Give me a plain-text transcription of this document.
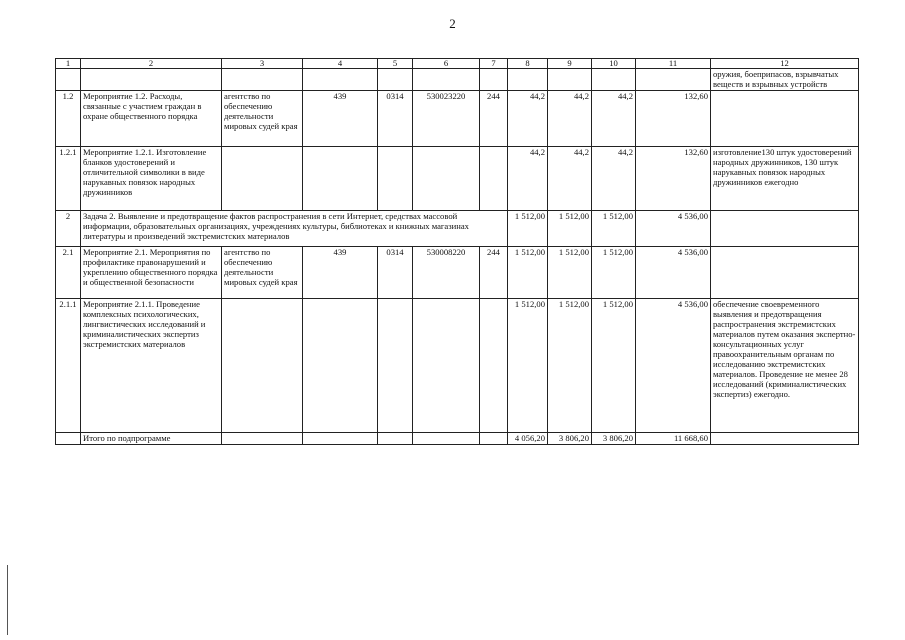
2
1	2	3	4	5	6	7	8	9	10	11	12
											оружия, боеприпасов, взрывчатых веществ и взрывных устройств
1.2	Мероприятие 1.2. Расходы, связанные с участием граждан в охране общественного порядка	агентство по обеспечению деятельности мировых судей края	439	0314	530023220	244	44,2	44,2	44,2	132,60	
1.2.1	Мероприятие 1.2.1. Изготовление бланков удостоверений и отличительной символики в виде нарукавных повязок народных дружинников						44,2	44,2	44,2	132,60	изготовление130 штук удостоверений народных дружинников, 130 штук нарукавных повязок народных дружинников ежегодно
2	Задача 2. Выявление и предотвращение фактов распространения в сети Интернет, средствах массовой информации, образовательных организациях, учреждениях культуры, библиотеках и книжных магазинах литературы и произведений экстремистских материалов						1 512,00	1 512,00	1 512,00	4 536,00	
2.1	Мероприятие 2.1. Мероприятия по профилактике правонарушений и укреплению общественного порядка и общественной безопасности	агентство по обеспечению деятельности мировых судей края	439	0314	530008220	244	1 512,00	1 512,00	1 512,00	4 536,00	
2.1.1	Мероприятие 2.1.1. Проведение комплексных психологических, лингвистических исследований и криминалистических экспертиз экстремистских материалов						1 512,00	1 512,00	1 512,00	4 536,00	обеспечение своевременного выявления и предотвращения распространения экстремистских материалов путем оказания экспертно-консультационных услуг правоохранительным органам по исследованию экстремистских материалов. Проведение не менее 28 исследований (криминалистических экспертиз) ежегодно.
	Итого по подпрограмме						4 056,20	3 806,20	3 806,20	11 668,60	
